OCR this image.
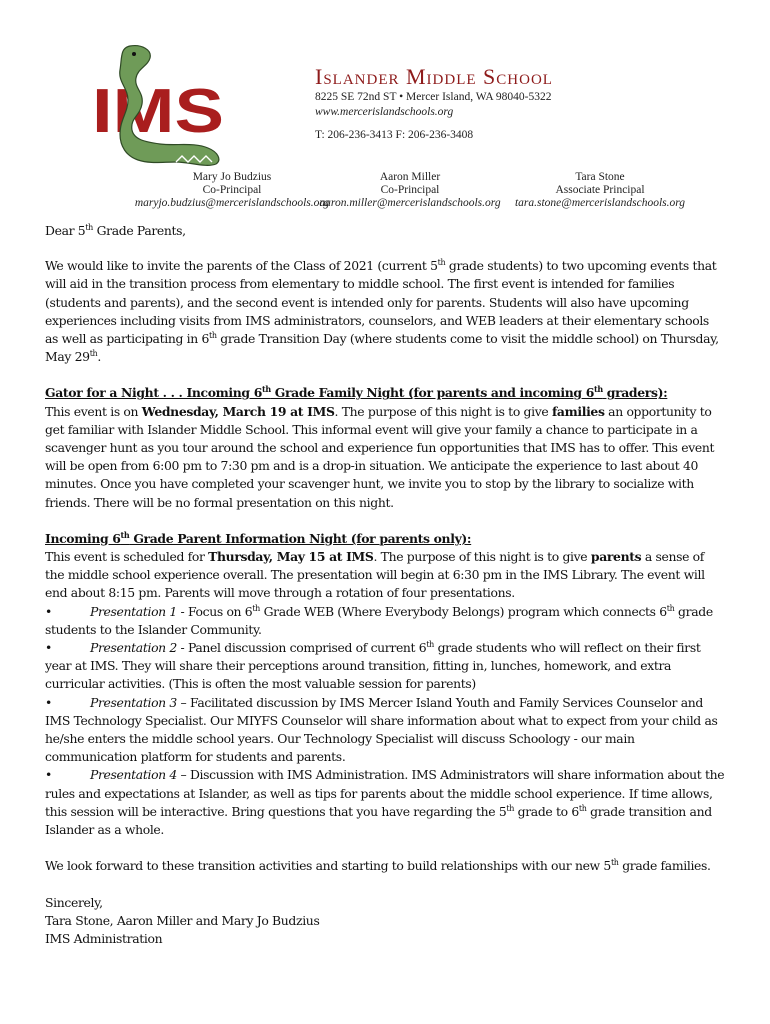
IMS
Islander Middle School
8225 SE 72nd ST • Mercer Island, WA 98040-5322
www.mercerislandschools.org
T: 206-236-3413 F: 206-236-3408
Mary Jo Budzius
Co-Principal
maryjo.budzius@mercerislandschools.org
Aaron Miller
Co-Principal
aaron.miller@mercerislandschools.org
Tara Stone
Associate Principal
tara.stone@mercerislandschools.org

Dear 5th Grade Parents,

We would like to invite the parents of the Class of 2021 (current 5th grade students) to two upcoming events that will aid in the transition process from elementary to middle school. The first event is intended for families (students and parents), and the second event is intended only for parents. Students will also have upcoming experiences including visits from IMS administrators, counselors, and WEB leaders at their elementary schools as well as participating in 6th grade Transition Day (where students come to visit the middle school) on Thursday, May 29th.

Gator for a Night . . . Incoming 6th Grade Family Night (for parents and incoming 6th graders):

This event is on Wednesday, March 19 at IMS. The purpose of this night is to give families an opportunity to get familiar with Islander Middle School. This informal event will give your family a chance to participate in a scavenger hunt as you tour around the school and experience fun opportunities that IMS has to offer. This event will be open from 6:00 pm to 7:30 pm and is a drop-in situation. We anticipate the experience to last about 40 minutes. Once you have completed your scavenger hunt, we invite you to stop by the library to socialize with friends. There will be no formal presentation on this night.

Incoming 6th Grade Parent Information Night (for parents only):

This event is scheduled for Thursday, May 15 at IMS. The purpose of this night is to give parents a sense of the middle school experience overall. The presentation will begin at 6:30 pm in the IMS Library. The event will end about 8:15 pm. Parents will move through a rotation of four presentations.

•	Presentation 1 - Focus on 6th Grade WEB (Where Everybody Belongs) program which connects 6th grade students to the Islander Community.

•	Presentation 2 - Panel discussion comprised of current 6th grade students who will reflect on their first year at IMS. They will share their perceptions around transition, fitting in, lunches, homework, and extra curricular activities. (This is often the most valuable session for parents)

•	Presentation 3 – Facilitated discussion by IMS Mercer Island Youth and Family Services Counselor and IMS Technology Specialist. Our MIYFS Counselor will share information about what to expect from your child as he/she enters the middle school years. Our Technology Specialist will discuss Schoology - our main communication platform for students and parents.

•	Presentation 4 – Discussion with IMS Administration. IMS Administrators will share information about the rules and expectations at Islander, as well as tips for parents about the middle school experience. If time allows, this session will be interactive. Bring questions that you have regarding the 5th grade to 6th grade transition and Islander as a whole.

We look forward to these transition activities and starting to build relationships with our new 5th grade families.

Sincerely,

Tara Stone, Aaron Miller and Mary Jo Budzius

IMS Administration
